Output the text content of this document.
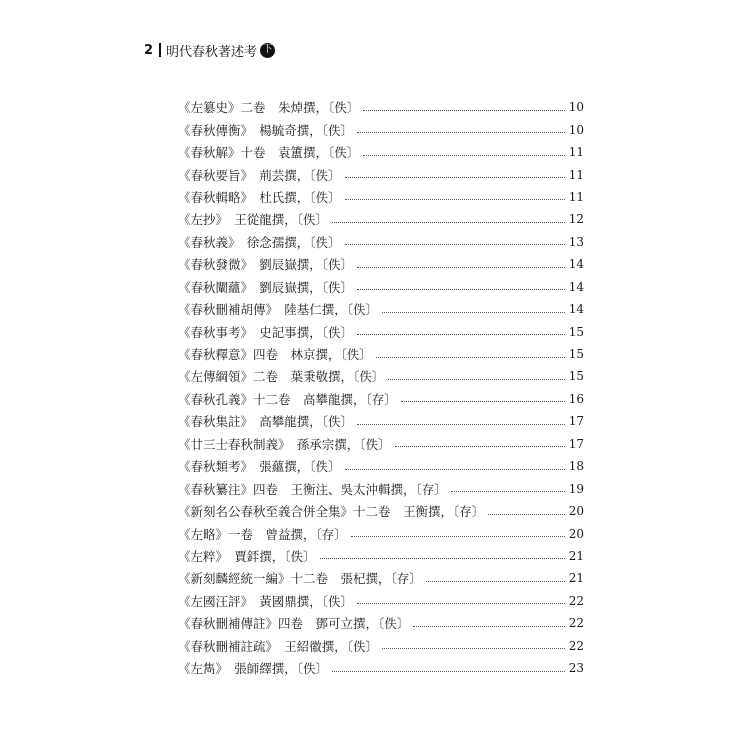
2 明代春秋著述考 下
《左簒史》二卷　朱焯撰，〔佚〕	10
《春秋傳衡》　楊毓奇撰，〔佚〕	10
《春秋解》十卷　袁簠撰，〔佚〕	11
《春秋要旨》　荊芸撰，〔佚〕	11
《春秋輯略》　杜氏撰，〔佚〕	11
《左抄》　王從龍撰，〔佚〕	12
《春秋義》　徐念孺撰，〔佚〕	13
《春秋發微》　劉辰嶽撰，〔佚〕	14
《春秋闡蘊》　劉辰嶽撰，〔佚〕	14
《春秋刪補胡傳》　陸基仁撰，〔佚〕	14
《春秋事考》　史記事撰，〔佚〕	15
《春秋釋意》四卷　林京撰，〔佚〕	15
《左傳綱領》二卷　葉秉敬撰，〔佚〕	15
《春秋孔義》十二卷　高攀龍撰，〔存〕	16
《春秋集註》　高攀龍撰，〔佚〕	17
《廿三士春秋制義》　孫承宗撰，〔佚〕	17
《春秋類考》　張蘊撰，〔佚〕	18
《春秋纂注》四卷　王衡注、吳太沖輯撰，〔存〕	19
《新刻名公春秋至義合併全集》十二卷　王衡撰，〔存〕	20
《左略》一卷　曾益撰，〔存〕	20
《左粹》　賈銔撰，〔佚〕	21
《新刻麟經統一編》十二卷　張杞撰，〔存〕	21
《左國汪評》　黃國鼎撰，〔佚〕	22
《春秋刪補傳註》四卷　鄧可立撰，〔佚〕	22
《春秋刪補註疏》　王紹徽撰，〔佚〕	22
《左雋》　張師繹撰，〔佚〕	23
